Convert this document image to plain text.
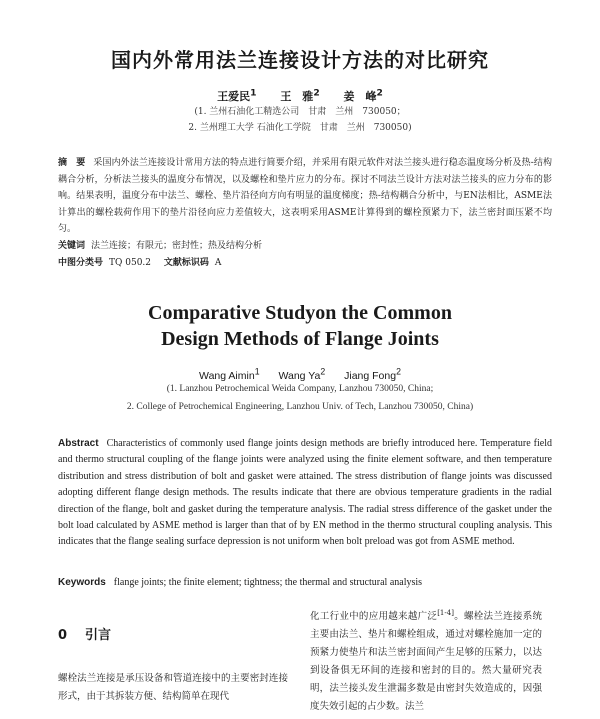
国内外常用法兰连接设计方法的对比研究
王爱民$^1$ 王　雅$^2$ 姜　峰$^2$
(1. 兰州石油化工精选公司　甘肃　兰州　730050；
2. 兰州理工大学 石油化工学院　甘肃　兰州　730050)
摘　要 采国内外法兰连接设计常用方法的特点进行简要介绍，并采用有限元软件对法兰接头进行稳态温度场分析及热-结构耦合分析，分析法兰接头的温度分布情况，以及螺栓和垫片应力的分布。探讨不同法兰设计方法对法兰接头的应力分布的影响。结果表明，温度分布中法兰、螺栓、垫片沿径向方向有明显的温度梯度；热-结构耦合分析中，与EN法相比，ASME法计算出的螺栓载荷作用下的垫片沿径向应力差值较大，这表明采用ASME计算得到的螺栓预紧力下，法兰密封面压紧不均匀。
关键词 法兰连接；有限元；密封性；热及结构分析
中图分类号 TQ 050.2 文献标识码 A
Comparative Studyon the Common
Design Methods of Flange Joints
Wang Aimin$^1$ Wang Ya$^2$ Jiang Fong$^2$
(1. Lanzhou Petrochemical Weida Company, Lanzhou 730050, China;
2. College of Petrochemical Engineering, Lanzhou Univ. of Tech, Lanzhou 730050, China)
Abstract Characteristics of commonly used flange joints design methods are briefly introduced here. Temperature field and thermo structural coupling of the flange joints were analyzed using the finite element software, and then temperature distribution and stress distribution of bolt and gasket were attained. The stress distribution of flange joints was discussed adopting different flange design methods. The results indicate that there are obvious temperature gradients in the radial direction of the flange, bolt and gasket during the temperature analysis. The radial stress difference of the gasket under the bolt load calculated by ASME method is larger than that of by EN method in the thermo structural coupling analysis. This indicates that the flange sealing surface depression is not uniform when bolt preload was got from ASME method.
Keywords flange joints; the finite element; tightness; the thermal and structural analysis
0 引言
螺栓法兰连接是承压设备和管道连接中的主要密封连接形式，由于其拆装方便、结构简单在现代
化工行业中的应用越来越广泛[1-4]。螺栓法兰连接系统主要由法兰、垫片和螺栓组成，通过对螺栓施加一定的预紧力使垫片和法兰密封面间产生足够的压紧力，以达到设备俱无环间的连接和密封的目的。然大量研究表明，法兰接头发生泄漏多数是由密封失效造成的，因强度失效引起的占少数。法兰
